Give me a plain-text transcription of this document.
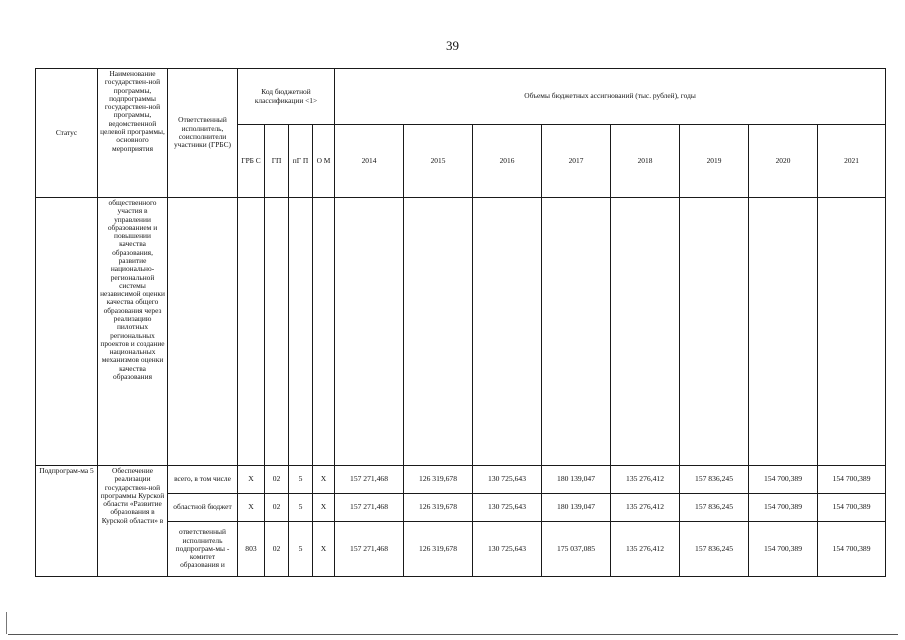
39
Статус	Наименование государствен-ной программы, подпрограммы государствен-ной программы, ведомственной целевой программы, основного мероприятия	Ответственный исполнитель, соисполнители участники (ГРБС)	Код бюджетной классификации <1>				Объемы бюджетных ассигнований (тыс. рублей), годы							
			ГРБ С	ГП	пГ П	О М	2014	2015	2016	2017	2018	2019	2020	2021
	общественного участия в управлении образованием и повышении качества образования, развитие национально-региональной системы независимой оценки качества общего образования через реализацию пилотных региональных проектов и создание национальных механизмов оценки качества образования													
Подпрограм-ма 5	Обеспечение реализации государствен-ной программы Курской области «Развитие образования в Курской области» в	всего, в том числе	Х	02	5	Х	157 271,468	126 319,678	130 725,643	180 139,047	135 276,412	157 836,245	154 700,389	154 700,389
		областной бюджет	Х	02	5	Х	157 271,468	126 319,678	130 725,643	180 139,047	135 276,412	157 836,245	154 700,389	154 700,389
		ответственный исполнитель подпрограм-мы - комитет образования и	803	02	5	Х	157 271,468	126 319,678	130 725,643	175 037,085	135 276,412	157 836,245	154 700,389	154 700,389
